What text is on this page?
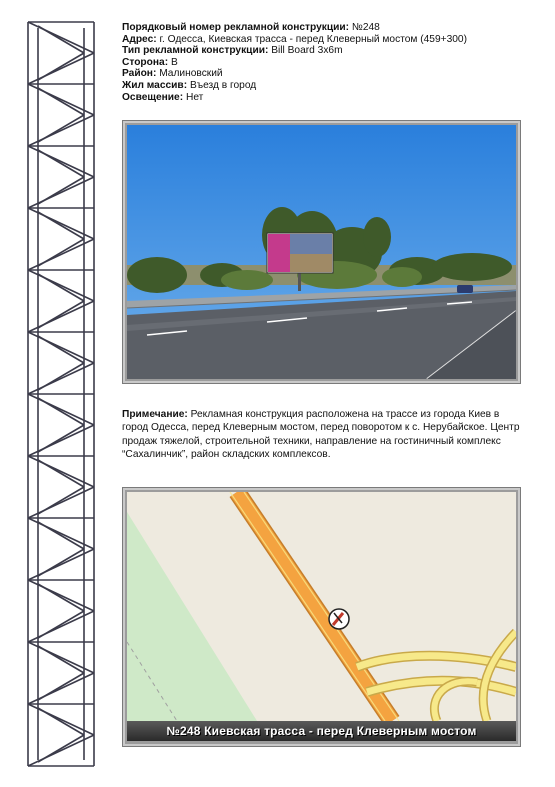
Порядковый номер рекламной конструкции: №248
Адрес: г. Одесса, Киевская трасса - перед Клеверный мостом (459+300)
Тип рекламной конструкции: Bill Board 3x6m
Сторона: В
Район: Малиновский
Жил массив: Въезд в город
Освещение: Нет
Примечание: Рекламная конструкция расположена на трассе из города Киев в город Одесса, перед Клеверным мостом, перед поворотом к с. Нерубайское. Центр продаж тяжелой, строительной техники, направление на гостиничный комплекс “Сахалинчик”, район складских комплексов.
№248 Киевская трасса - перед Клеверным мостом
